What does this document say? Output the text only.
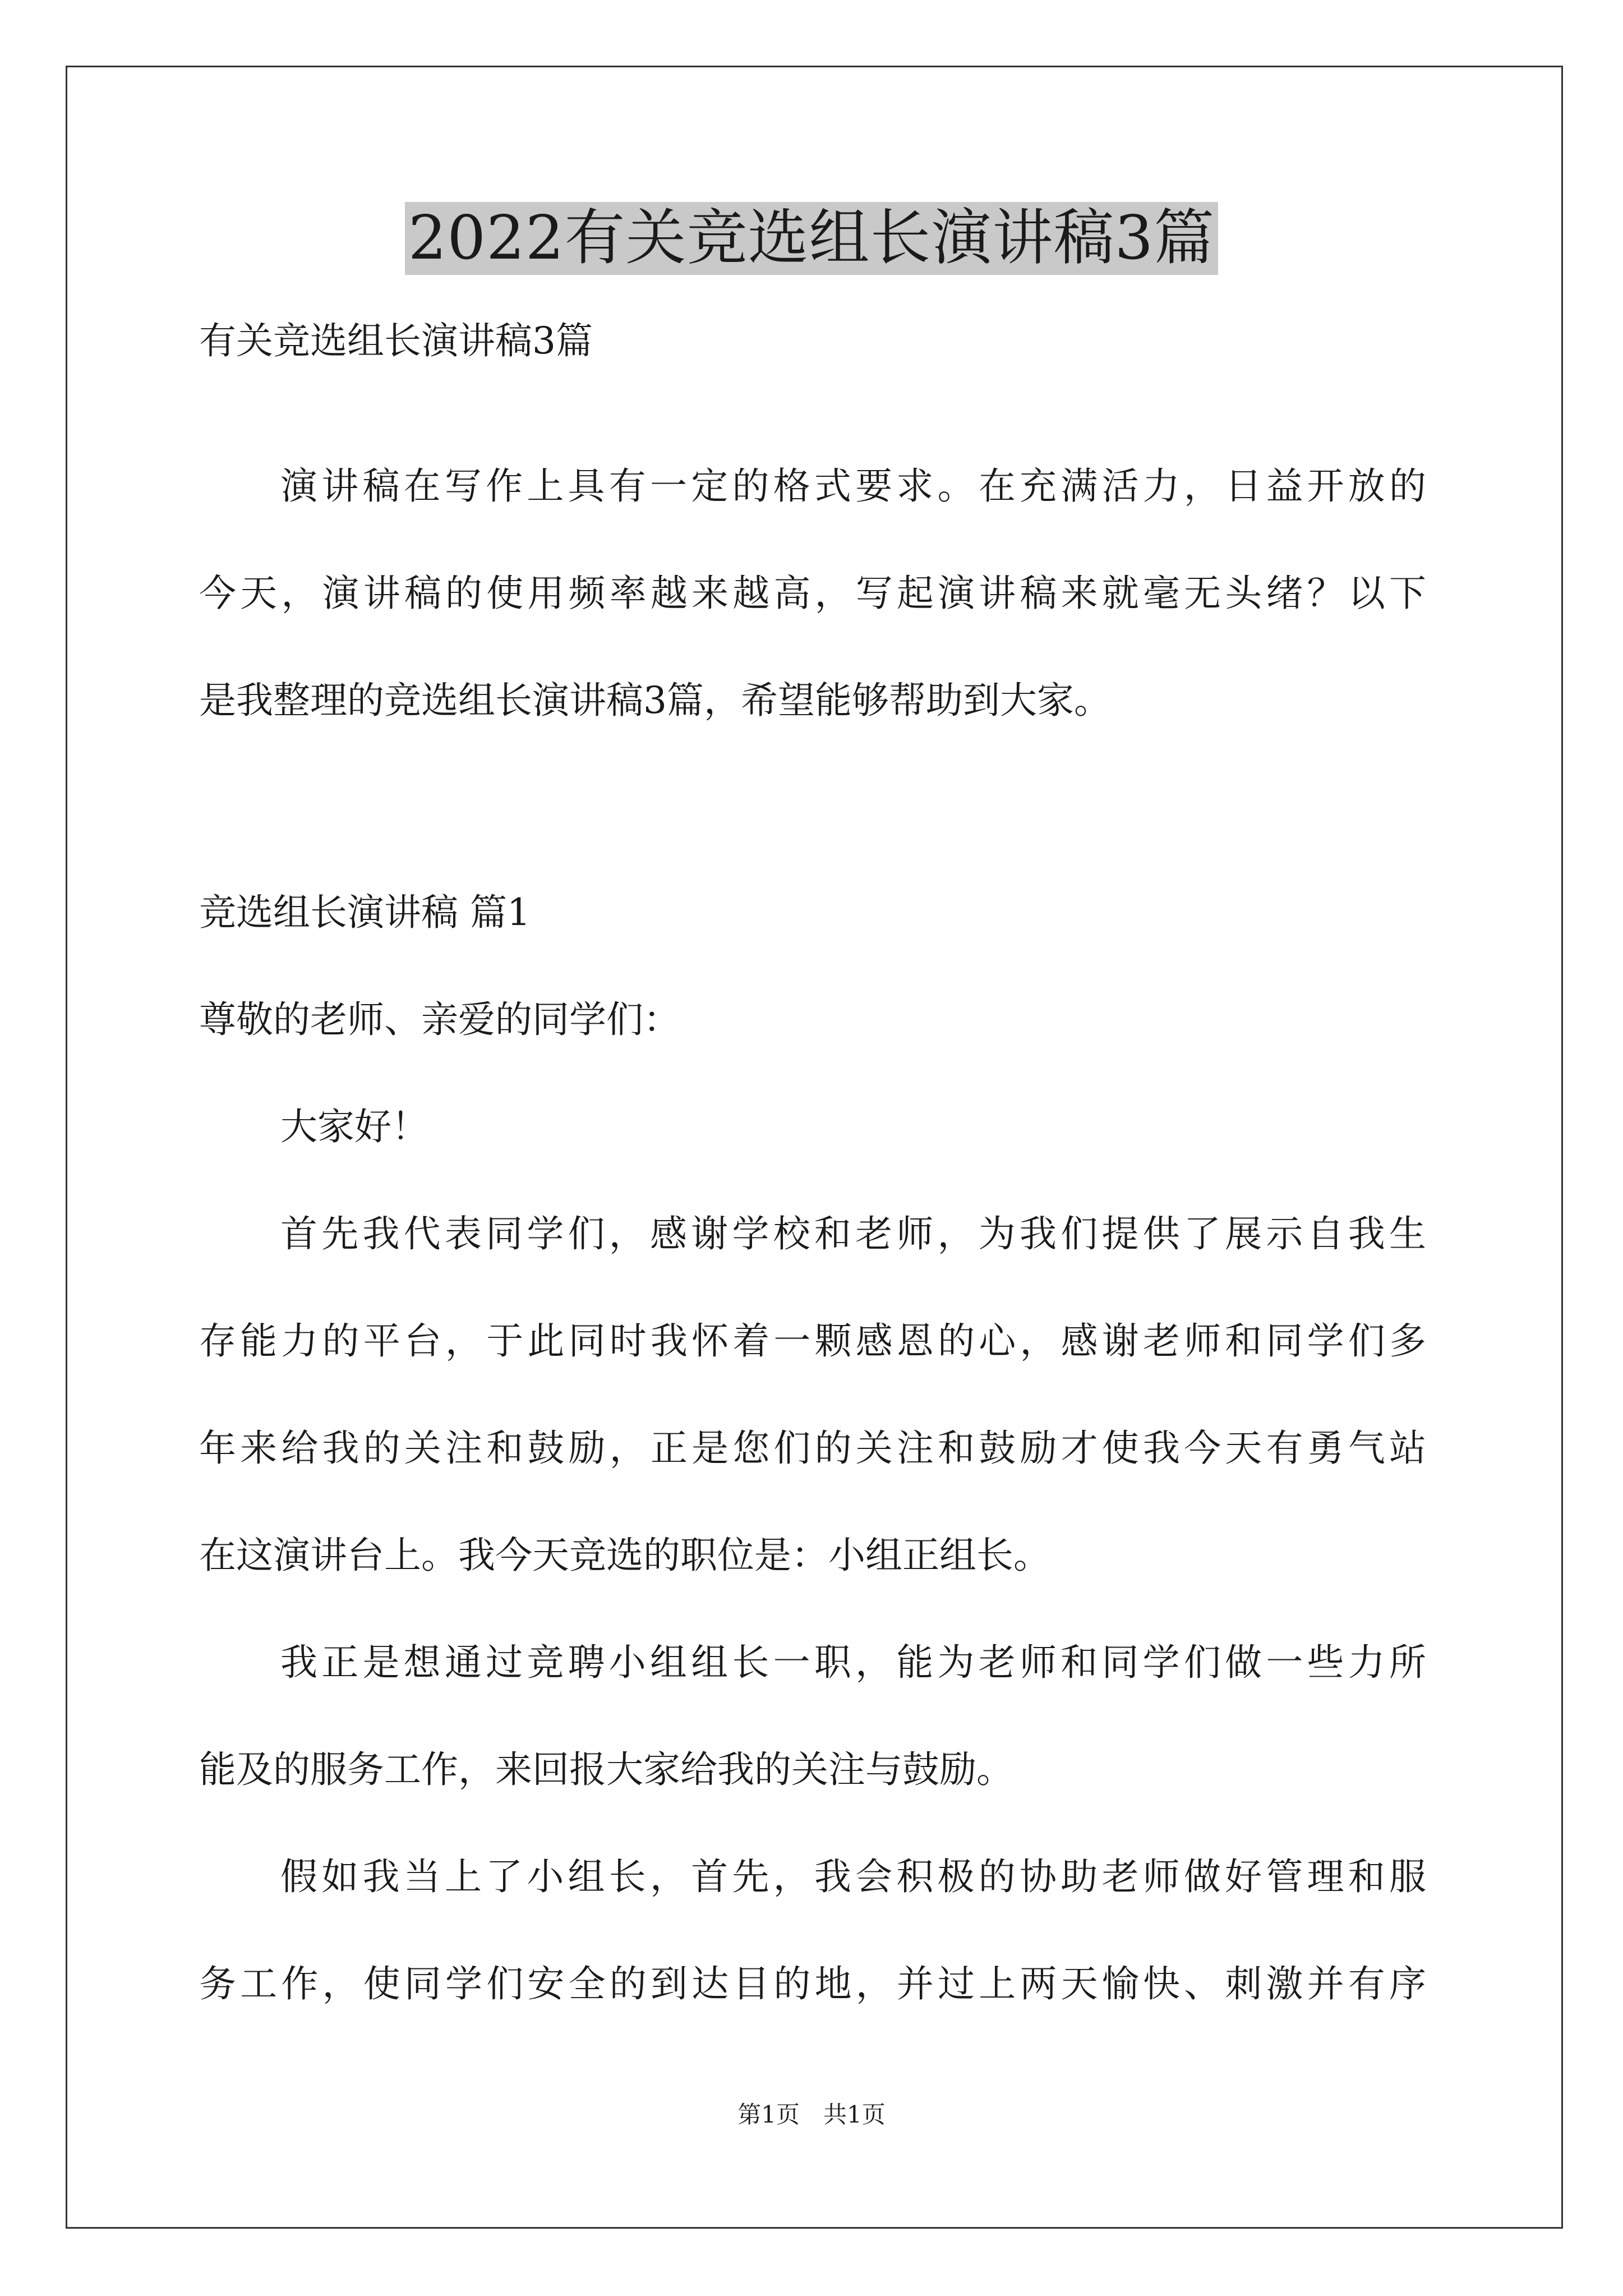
2022有关竞选组长演讲稿3篇
有关竞选组长演讲稿3篇
演讲稿在写作上具有一定的格式要求。在充满活力，日益开放的
今天，演讲稿的使用频率越来越高，写起演讲稿来就毫无头绪？以下
是我整理的竞选组长演讲稿3篇，希望能够帮助到大家。
竞选组长演讲稿 篇1
尊敬的老师、亲爱的同学们：
大家好！
首先我代表同学们，感谢学校和老师，为我们提供了展示自我生
存能力的平台，于此同时我怀着一颗感恩的心，感谢老师和同学们多
年来给我的关注和鼓励，正是您们的关注和鼓励才使我今天有勇气站
在这演讲台上。我今天竞选的职位是：小组正组长。
我正是想通过竞聘小组组长一职，能为老师和同学们做一些力所
能及的服务工作，来回报大家给我的关注与鼓励。
假如我当上了小组长，首先，我会积极的协助老师做好管理和服
务工作，使同学们安全的到达目的地，并过上两天愉快、刺激并有序
第1页　共1页
